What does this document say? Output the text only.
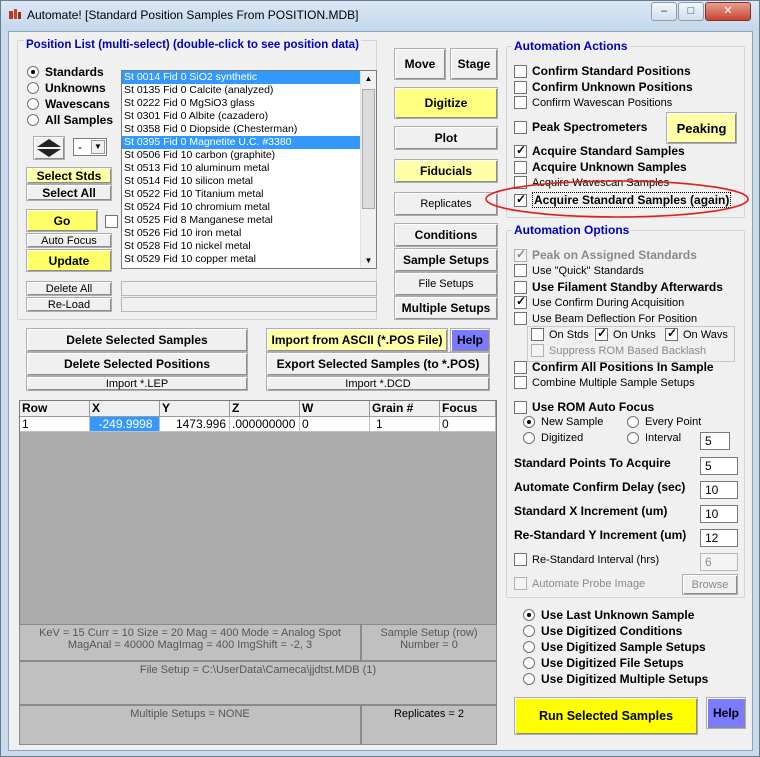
Automate! [Standard Position Samples From POSITION.MDB]	–	□	✕
Position List (multi-select) (double-click to see position data)
Standards
Unknowns
Wavescans
All Samples
-	▼
Select Stds
Select All
Go
Auto Focus
Update
St 0014 Fid 0 SiO2 synthetic
St 0135 Fid 0 Calcite (analyzed)
St 0222 Fid 0 MgSiO3 glass
St 0301 Fid 0 Albite (cazadero)
St 0358 Fid 0 Diopside (Chesterman)
St 0395 Fid 0 Magnetite U.C. #3380
St 0506 Fid 10 carbon (graphite)
St 0513 Fid 10 aluminum metal
St 0514 Fid 10 silicon metal
St 0522 Fid 10 Titanium metal
St 0524 Fid 10 chromium metal
St 0525 Fid 8 Manganese metal
St 0526 Fid 10 iron metal
St 0528 Fid 10 nickel metal
St 0529 Fid 10 copper metal
▲
▼
Delete All
Re-Load
Move Stage
Digitize
Plot
Fiducials
Replicates
Conditions
Sample Setups
File Setups
Multiple Setups
Delete Selected Samples
Delete Selected Positions
Import *.LEP
Import from ASCII (*.POS File) Help
Export Selected Samples (to *.POS)
Import *.DCD
Row	X	Y	Z	W	Grain #	Focus
1	-249.9998	1473.996 .000000000 0	1	0
KeV = 15 Curr = 10 Size = 20 Mag = 400 Mode = Analog Spot
MagAnal = 40000 MagImag = 400 ImgShift = -2, 3
Sample Setup (row) Number = 0
File Setup = C:\UserData\Cameca\jjdtst.MDB (1)
Multiple Setups = NONE	Replicates = 2
Automation Actions
Confirm Standard Positions
Confirm Unknown Positions
Confirm Wavescan Positions
Peak Spectrometers
✓
Acquire Standard Samples
Acquire Unknown Samples
Acquire Wavescan Samples
✓
Acquire Standard Samples (again)
Peaking
Automation Options
✓
Peak on Assigned Standards
Use "Quick" Standards
Use Filament Standby Afterwards
✓
Use Confirm During Acquisition
Use Beam Deflection For Position
On Stds ✓ On Unks ✓ On Wavs
Suppress ROM Based Backlash
Confirm All Positions In Sample
Combine Multiple Sample Setups
Use ROM Auto Focus
New Sample	Every Point
Digitized	Interval 5
Standard Points To Acquire	5
Automate Confirm Delay (sec) 10
Standard X Increment (um)	10
Re-Standard Y Increment (um) 12
Re-Standard Interval (hrs)	6
Automate Probe Image	Browse
Use Last Unknown Sample
Use Digitized Conditions
Use Digitized Sample Setups
Use Digitized File Setups
Use Digitized Multiple Setups
Run Selected Samples	Help
